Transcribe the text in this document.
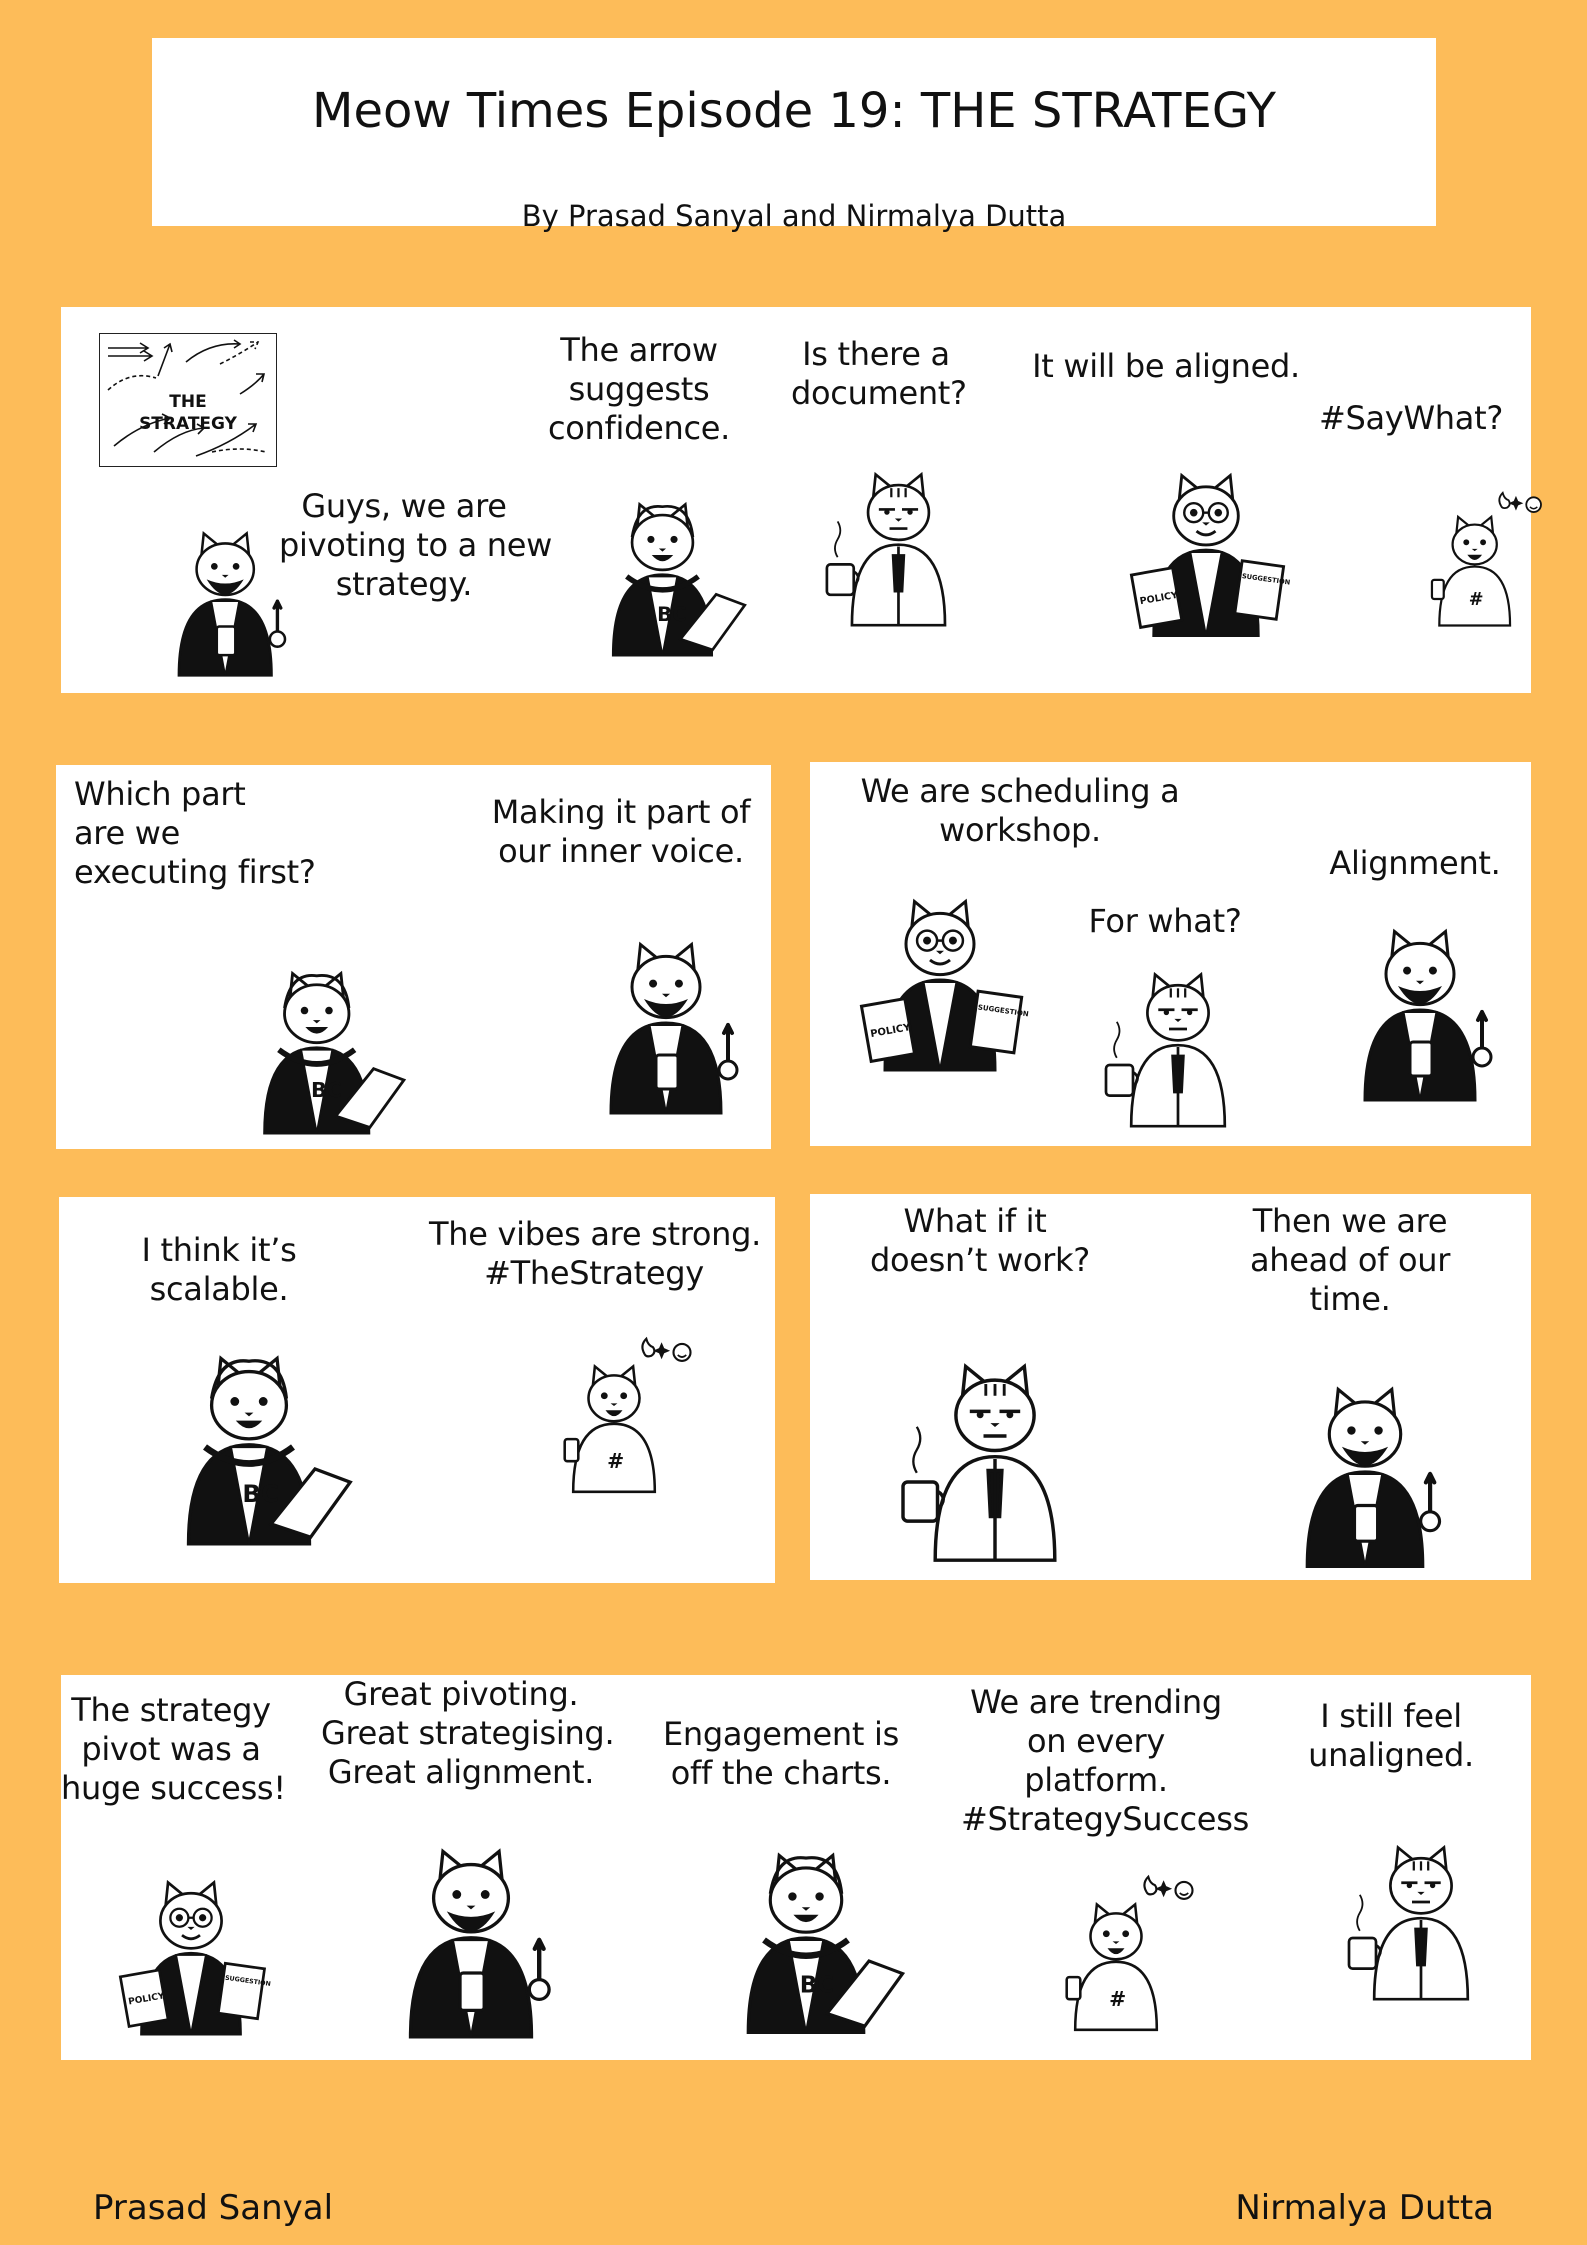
Meow Times Episode 19: THE STRATEGY
By Prasad Sanyal and Nirmalya Dutta
THE
STRATEGY
Guys, we are
pivoting to a new
strategy.
The arrow
suggests
confidence.
Is there a
document?
It will be aligned.
#SayWhat?
BC
POLICY
SUGGESTION
#
Which part
are we
executing first?
Making it part of
our inner voice.
BC
We are scheduling a
workshop.
For what?
Alignment.
POLICY
SUGGESTION
I think it’s
scalable.
The vibes are strong.
#TheStrategy
BC
#
What if it
doesn’t work?
Then we are
ahead of our
time.
The strategy
pivot was a
huge success!
Great pivoting.
Great strategising.
Great alignment.
Engagement is
off the charts.
We are trending
on every
platform.
#StrategySuccess
I still feel
unaligned.
POLICY
SUGGESTION	BC
#
Prasad Sanyal	Nirmalya Dutta
